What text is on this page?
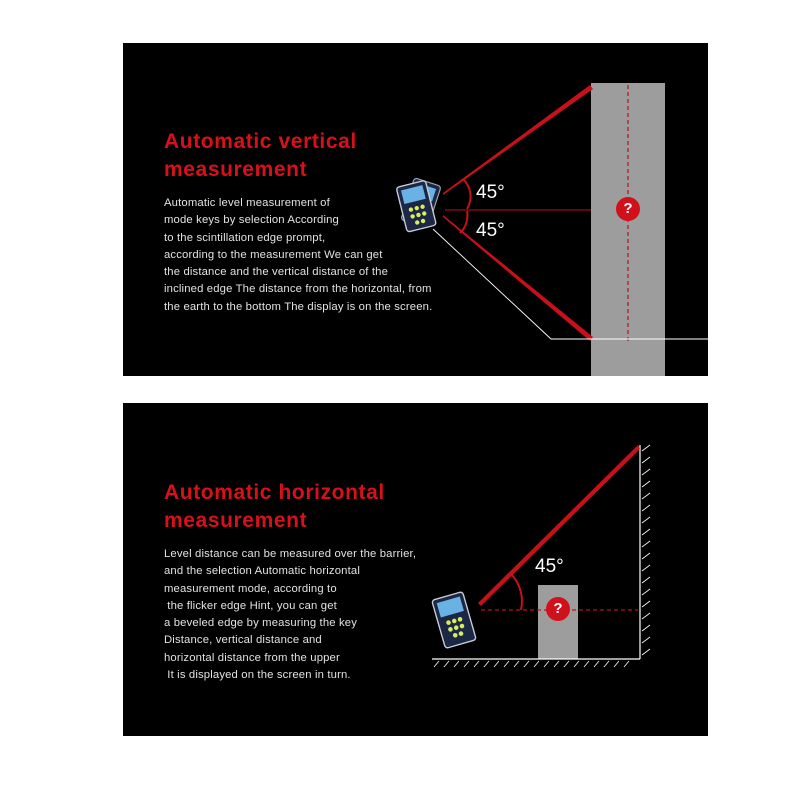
Automatic vertical
measurement

Automatic level measurement of
mode keys by selection According
to the scintillation edge prompt,
according to the measurement We can get
the distance and the vertical distance of the
inclined edge The distance from the horizontal, from
the earth to the bottom The display is on the screen.

45°
45°
?
Automatic horizontal
measurement

Level distance can be measured over the barrier,
and the selection Automatic horizontal
measurement mode, according to
the flicker edge Hint, you can get
a beveled edge by measuring the key
Distance, vertical distance and
horizontal distance from the upper
It is displayed on the screen in turn.

45°
?
